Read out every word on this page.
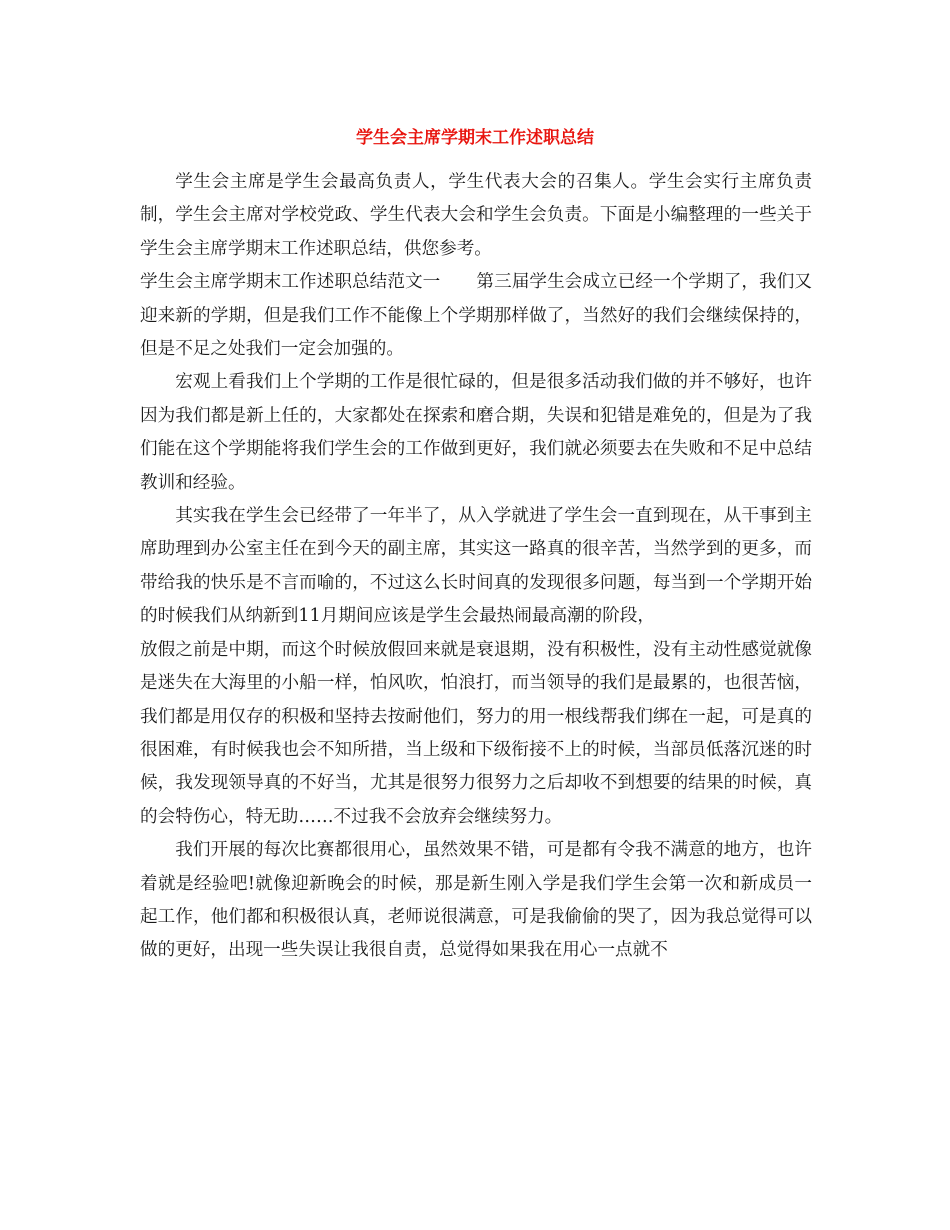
学生会主席学期末工作述职总结

学生会主席是学生会最高负责人，学生代表大会的召集人。学生会实行主席负责制，学生会主席对学校党政、学生代表大会和学生会负责。下面是小编整理的一些关于学生会主席学期末工作述职总结，供您参考。

学生会主席学期末工作述职总结范文一 第三届学生会成立已经一个学期了，我们又迎来新的学期，但是我们工作不能像上个学期那样做了，当然好的我们会继续保持的，但是不足之处我们一定会加强的。

宏观上看我们上个学期的工作是很忙碌的，但是很多活动我们做的并不够好，也许因为我们都是新上任的，大家都处在探索和磨合期，失误和犯错是难免的，但是为了我们能在这个学期能将我们学生会的工作做到更好，我们就必须要去在失败和不足中总结教训和经验。

其实我在学生会已经带了一年半了，从入学就进了学生会一直到现在，从干事到主席助理到办公室主任在到今天的副主席，其实这一路真的很辛苦，当然学到的更多，而带给我的快乐是不言而喻的，不过这么长时间真的发现很多问题，每当到一个学期开始的时候我们从纳新到11月期间应该是学生会最热闹最高潮的阶段，

放假之前是中期，而这个时候放假回来就是衰退期，没有积极性，没有主动性感觉就像是迷失在大海里的小船一样，怕风吹，怕浪打，而当领导的我们是最累的，也很苦恼，我们都是用仅存的积极和坚持去按耐他们，努力的用一根线帮我们绑在一起，可是真的很困难，有时候我也会不知所措，当上级和下级衔接不上的时候，当部员低落沉迷的时候，我发现领导真的不好当，尤其是很努力很努力之后却收不到想要的结果的时候，真的会特伤心，特无助……不过我不会放弃会继续努力。

我们开展的每次比赛都很用心，虽然效果不错，可是都有令我不满意的地方，也许着就是经验吧!就像迎新晚会的时候，那是新生刚入学是我们学生会第一次和新成员一起工作，他们都和积极很认真，老师说很满意，可是我偷偷的哭了，因为我总觉得可以做的更好，出现一些失误让我很自责，总觉得如果我在用心一点就不
